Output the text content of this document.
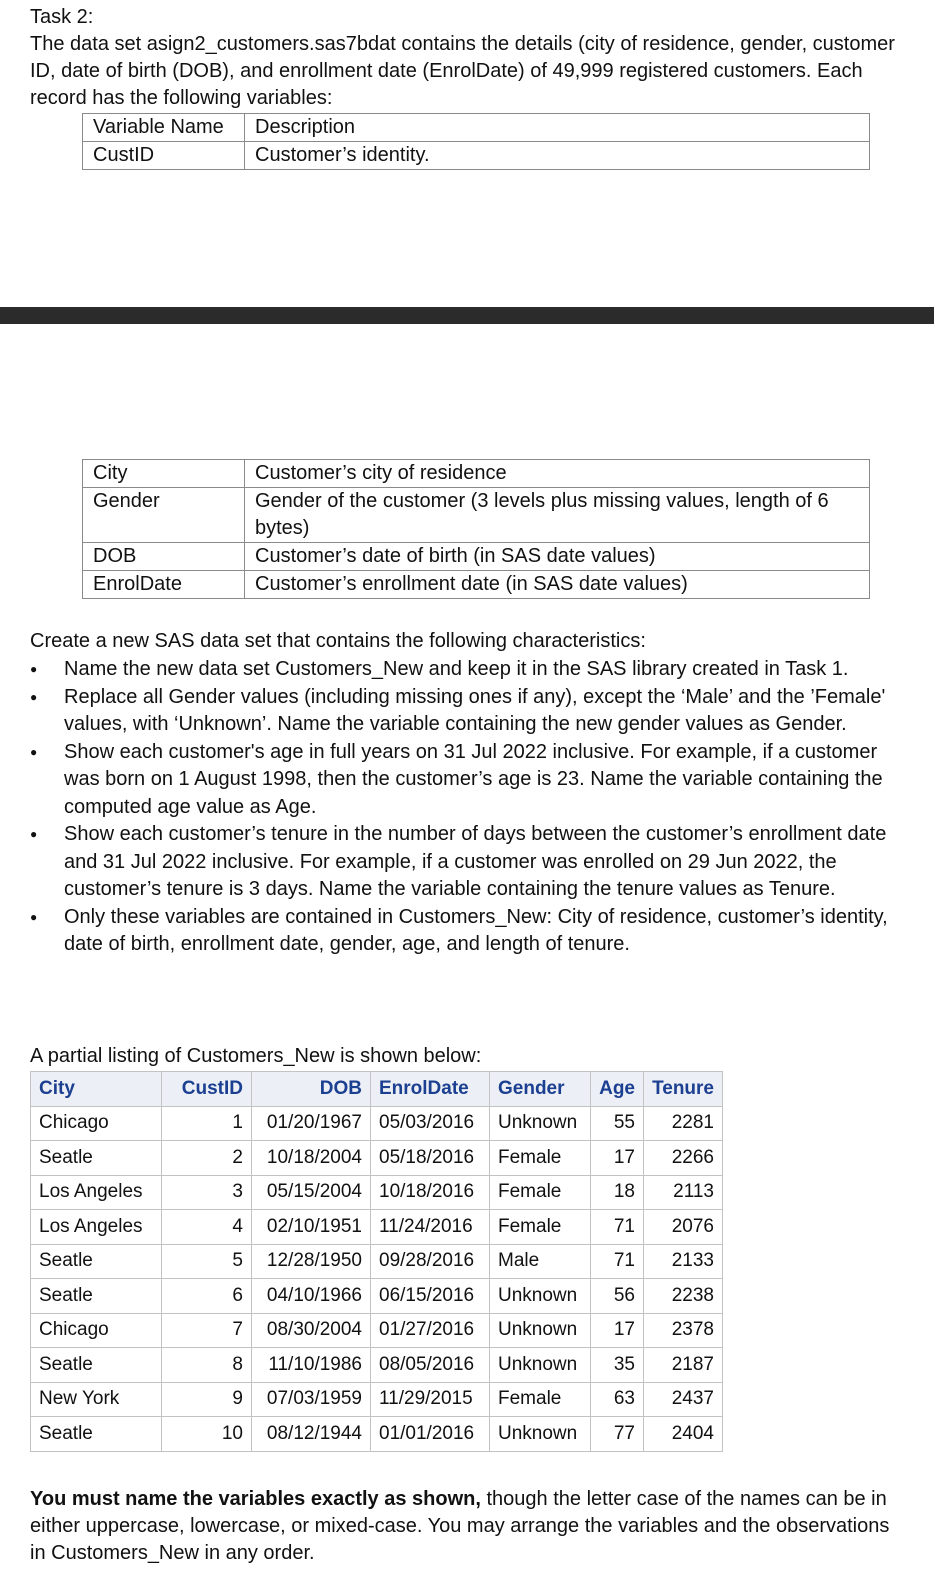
Task 2:

The data set asign2_customers.sas7bdat contains the details (city of residence, gender, customer ID, date of birth (DOB), and enrollment date (EnrolDate) of 49,999 registered customers. Each record has the following variables:

Variable Name	Description
CustID	Customer’s identity.
City	Customer’s city of residence
Gender	Gender of the customer (3 levels plus missing values, length of 6 bytes)
DOB	Customer’s date of birth (in SAS date values)
EnrolDate	Customer’s enrollment date (in SAS date values)

Create a new SAS data set that contains the following characteristics:

● Name the new data set Customers_New and keep it in the SAS library created in Task 1.
● Replace all Gender values (including missing ones if any), except the ‘Male’ and the ’Female' values, with ‘Unknown’. Name the variable containing the new gender values as Gender.
● Show each customer's age in full years on 31 Jul 2022 inclusive. For example, if a customer was born on 1 August 1998, then the customer’s age is 23. Name the variable containing the computed age value as Age.
● Show each customer’s tenure in the number of days between the customer’s enrollment date and 31 Jul 2022 inclusive. For example, if a customer was enrolled on 29 Jun 2022, the customer’s tenure is 3 days. Name the variable containing the tenure values as Tenure.
● Only these variables are contained in Customers_New: City of residence, customer’s identity, date of birth, enrollment date, gender, age, and length of tenure.

A partial listing of Customers_New is shown below:

City	CustID	DOB	EnrolDate	Gender	Age	Tenure
Chicago	1	01/20/1967	05/03/2016	Unknown	55	2281
Seatle	2	10/18/2004	05/18/2016	Female	17	2266
Los Angeles	3	05/15/2004	10/18/2016	Female	18	2113
Los Angeles	4	02/10/1951	11/24/2016	Female	71	2076
Seatle	5	12/28/1950	09/28/2016	Male	71	2133
Seatle	6	04/10/1966	06/15/2016	Unknown	56	2238
Chicago	7	08/30/2004	01/27/2016	Unknown	17	2378
Seatle	8	11/10/1986	08/05/2016	Unknown	35	2187
New York	9	07/03/1959	11/29/2015	Female	63	2437
Seatle	10	08/12/1944	01/01/2016	Unknown	77	2404

You must name the variables exactly as shown, though the letter case of the names can be in either uppercase, lowercase, or mixed-case. You may arrange the variables and the observations in Customers_New in any order.
